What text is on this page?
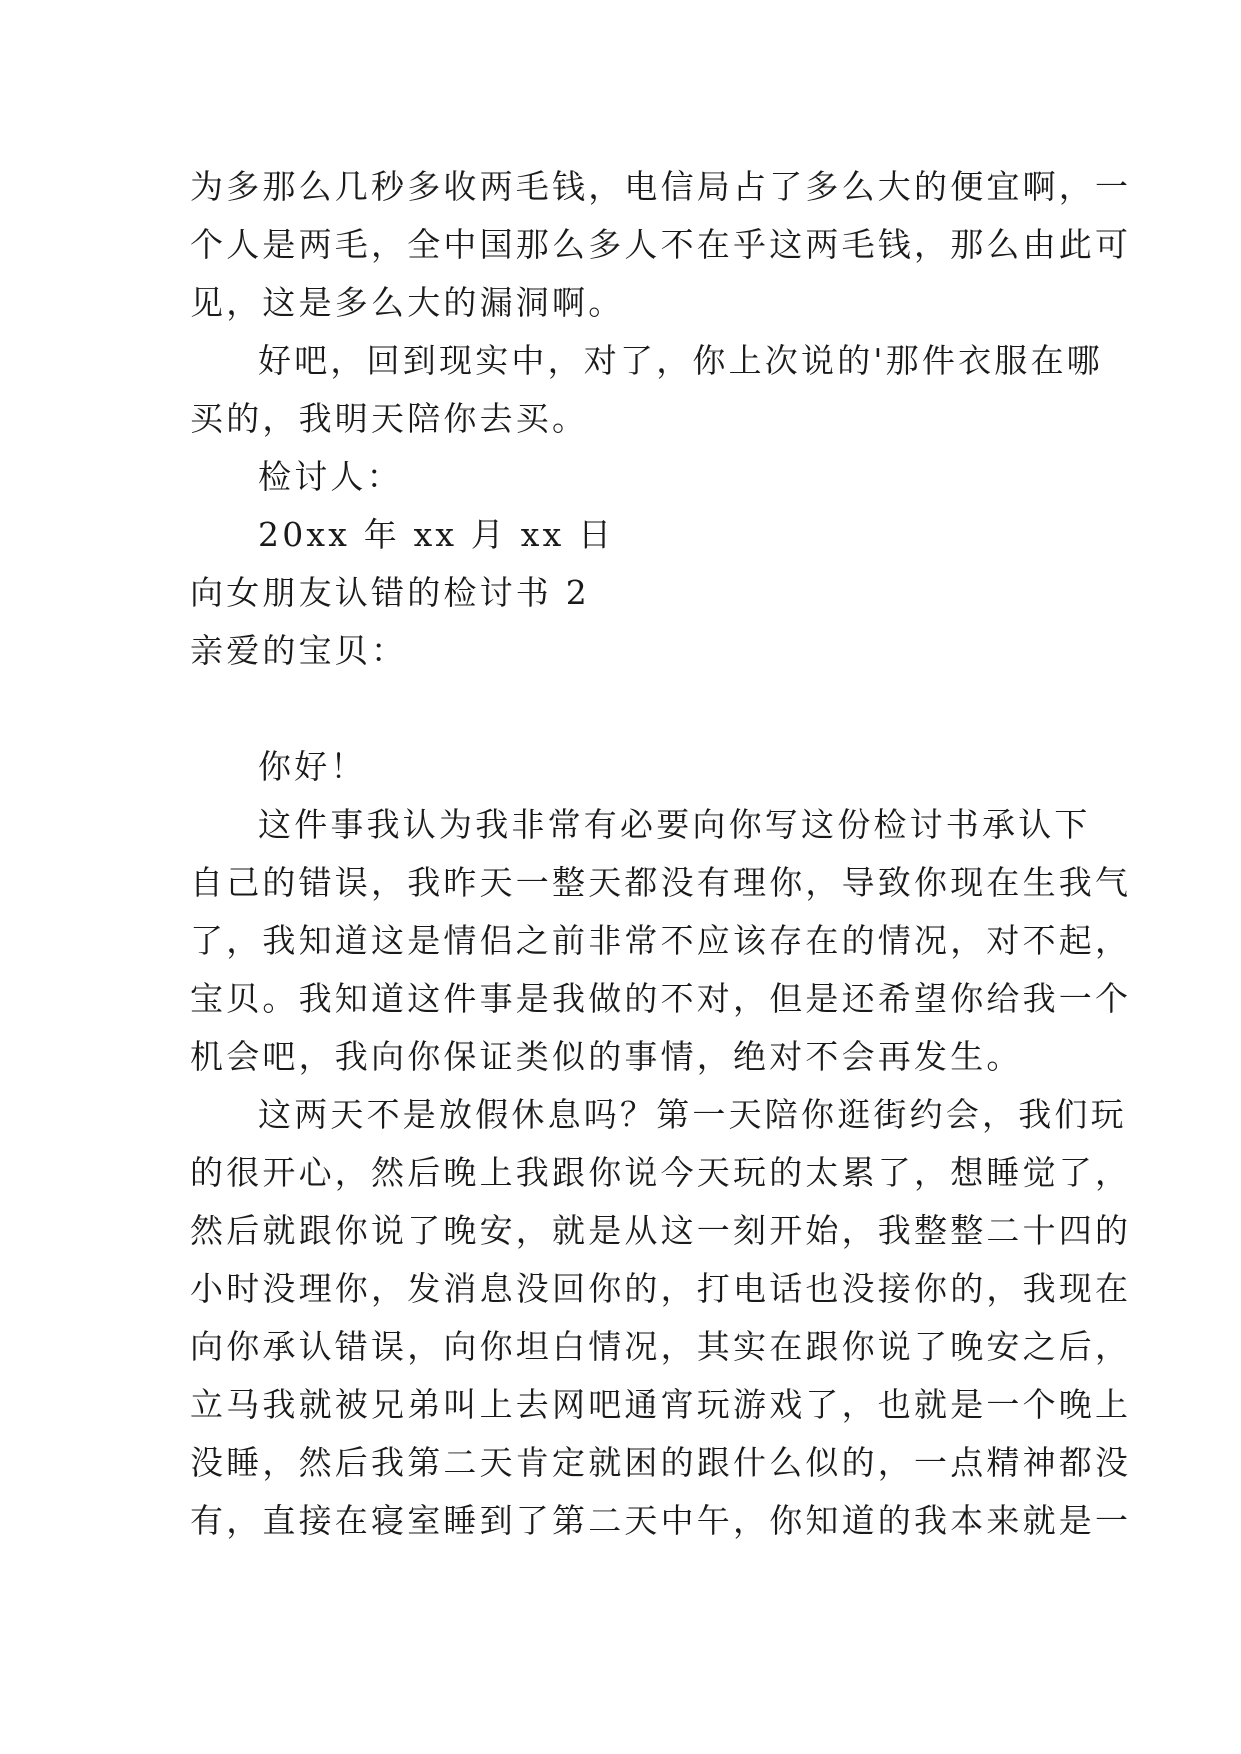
为多那么几秒多收两毛钱，电信局占了多么大的便宜啊，一
个人是两毛，全中国那么多人不在乎这两毛钱，那么由此可
见，这是多么大的漏洞啊。
好吧，回到现实中，对了，你上次说的'那件衣服在哪
买的，我明天陪你去买。
检讨人：
20xx 年 xx 月 xx 日
向女朋友认错的检讨书 2
亲爱的宝贝：
你好！
这件事我认为我非常有必要向你写这份检讨书承认下
自己的错误，我昨天一整天都没有理你，导致你现在生我气
了，我知道这是情侣之前非常不应该存在的情况，对不起，
宝贝。我知道这件事是我做的不对，但是还希望你给我一个
机会吧，我向你保证类似的事情，绝对不会再发生。
这两天不是放假休息吗？第一天陪你逛街约会，我们玩
的很开心，然后晚上我跟你说今天玩的太累了，想睡觉了，
然后就跟你说了晚安，就是从这一刻开始，我整整二十四的
小时没理你，发消息没回你的，打电话也没接你的，我现在
向你承认错误，向你坦白情况，其实在跟你说了晚安之后，
立马我就被兄弟叫上去网吧通宵玩游戏了，也就是一个晚上
没睡，然后我第二天肯定就困的跟什么似的，一点精神都没
有，直接在寝室睡到了第二天中午，你知道的我本来就是一
